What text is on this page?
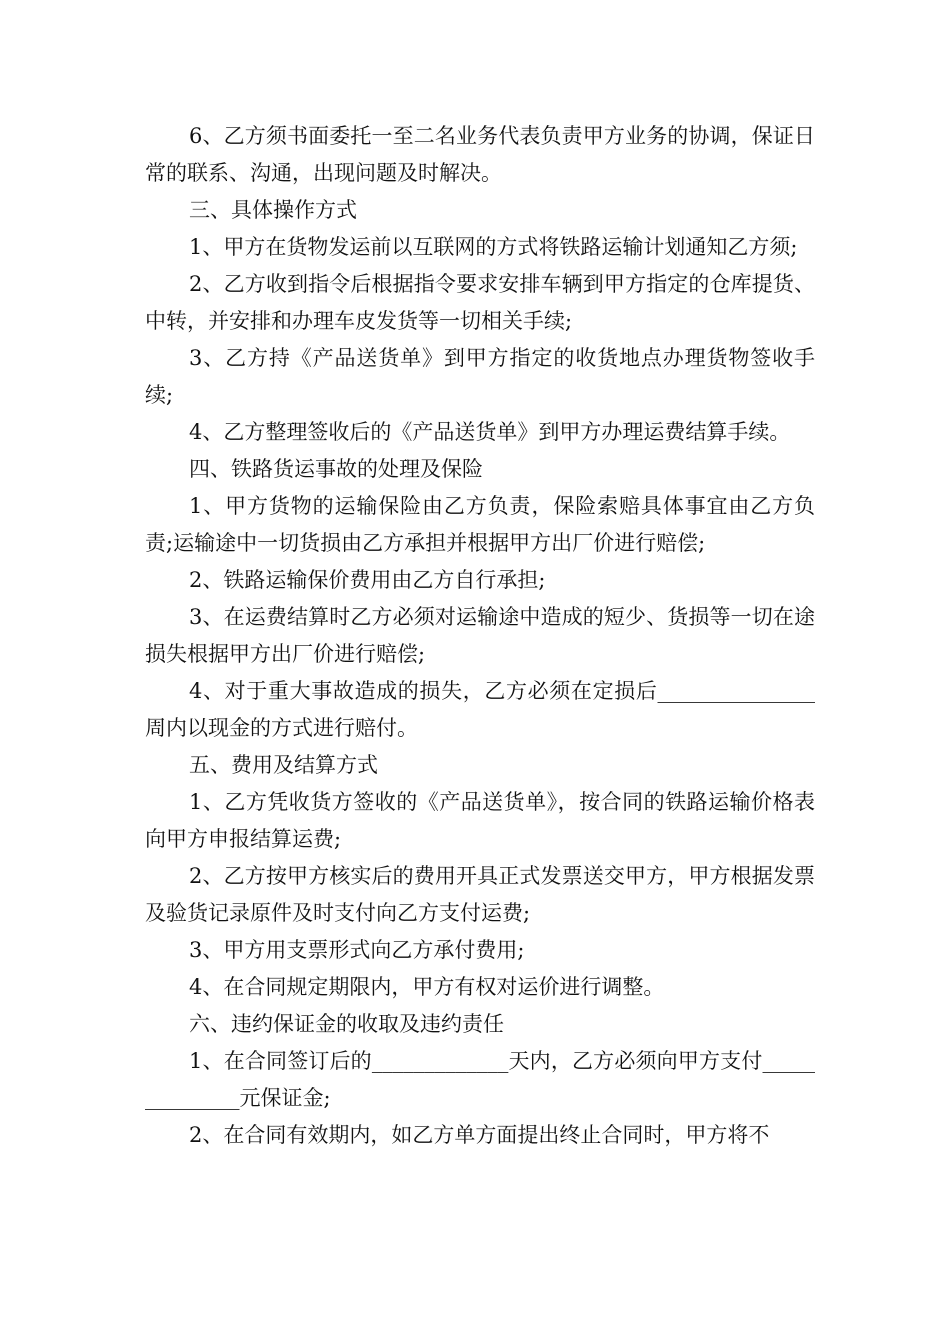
6、乙方须书面委托一至二名业务代表负责甲方业务的协调，保证日常的联系、沟通，出现问题及时解决。

三、具体操作方式

1、甲方在货物发运前以互联网的方式将铁路运输计划通知乙方须;

2、乙方收到指令后根据指令要求安排车辆到甲方指定的仓库提货、中转，并安排和办理车皮发货等一切相关手续;

3、乙方持《产品送货单》到甲方指定的收货地点办理货物签收手续;

4、乙方整理签收后的《产品送货单》到甲方办理运费结算手续。

四、铁路货运事故的处理及保险

1、甲方货物的运输保险由乙方负责，保险索赔具体事宜由乙方负责;运输途中一切货损由乙方承担并根据甲方出厂价进行赔偿;

2、铁路运输保价费用由乙方自行承担;

3、在运费结算时乙方必须对运输途中造成的短少、货损等一切在途损失根据甲方出厂价进行赔偿;

4、对于重大事故造成的损失，乙方必须在定损后_______________周内以现金的方式进行赔付。

五、费用及结算方式

1、乙方凭收货方签收的《产品送货单》，按合同的铁路运输价格表向甲方申报结算运费;

2、乙方按甲方核实后的费用开具正式发票送交甲方，甲方根据发票及验货记录原件及时支付向乙方支付运费;

3、甲方用支票形式向乙方承付费用;

4、在合同规定期限内，甲方有权对运价进行调整。

六、违约保证金的收取及违约责任

1、在合同签订后的_____________天内，乙方必须向甲方支付______________元保证金;

2、在合同有效期内，如乙方单方面提出终止合同时，甲方将不
